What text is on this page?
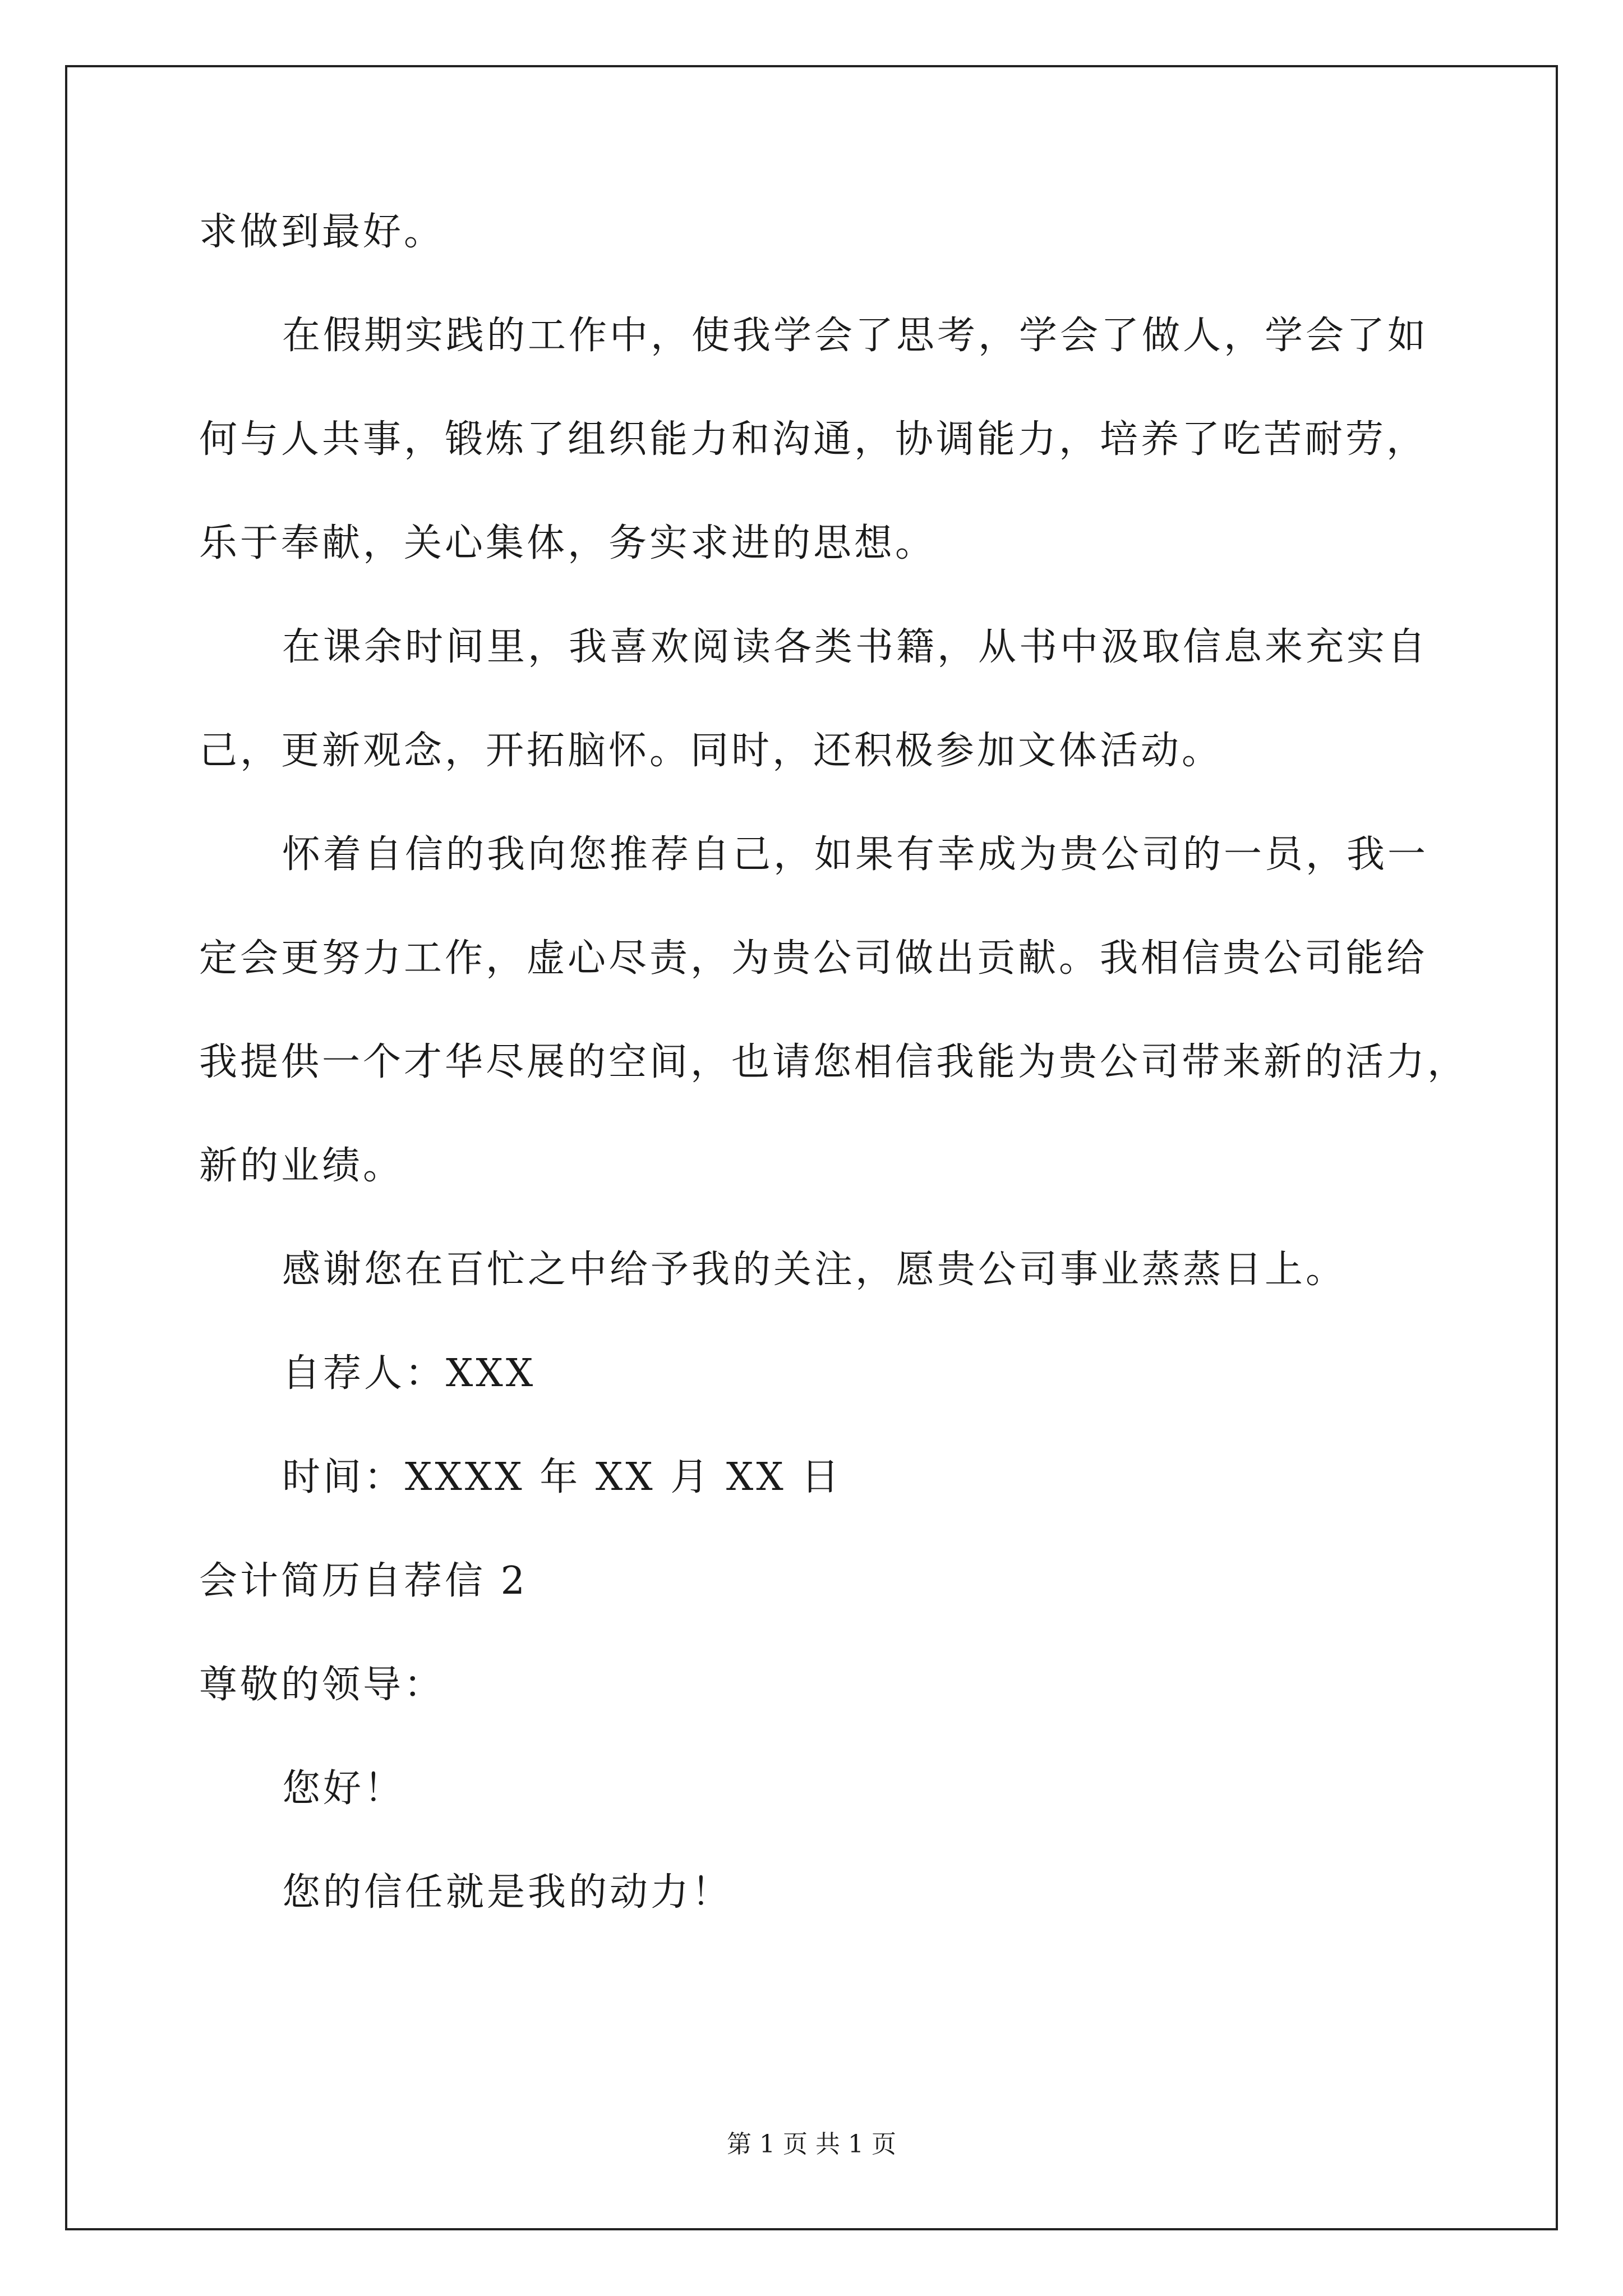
求做到最好。
在假期实践的工作中，使我学会了思考，学会了做人，学会了如
何与人共事，锻炼了组织能力和沟通，协调能力，培养了吃苦耐劳，
乐于奉献，关心集体，务实求进的思想。
在课余时间里，我喜欢阅读各类书籍，从书中汲取信息来充实自
己，更新观念，开拓脑怀。同时，还积极参加文体活动。
怀着自信的我向您推荐自己，如果有幸成为贵公司的一员，我一
定会更努力工作，虚心尽责，为贵公司做出贡献。我相信贵公司能给
我提供一个才华尽展的空间，也请您相信我能为贵公司带来新的活力，
新的业绩。
感谢您在百忙之中给予我的关注，愿贵公司事业蒸蒸日上。
自荐人：XXX
时间：XXXX 年 XX 月 XX 日
会计简历自荐信 2
尊敬的领导：
您好！
您的信任就是我的动力！
第 1 页 共 1 页
